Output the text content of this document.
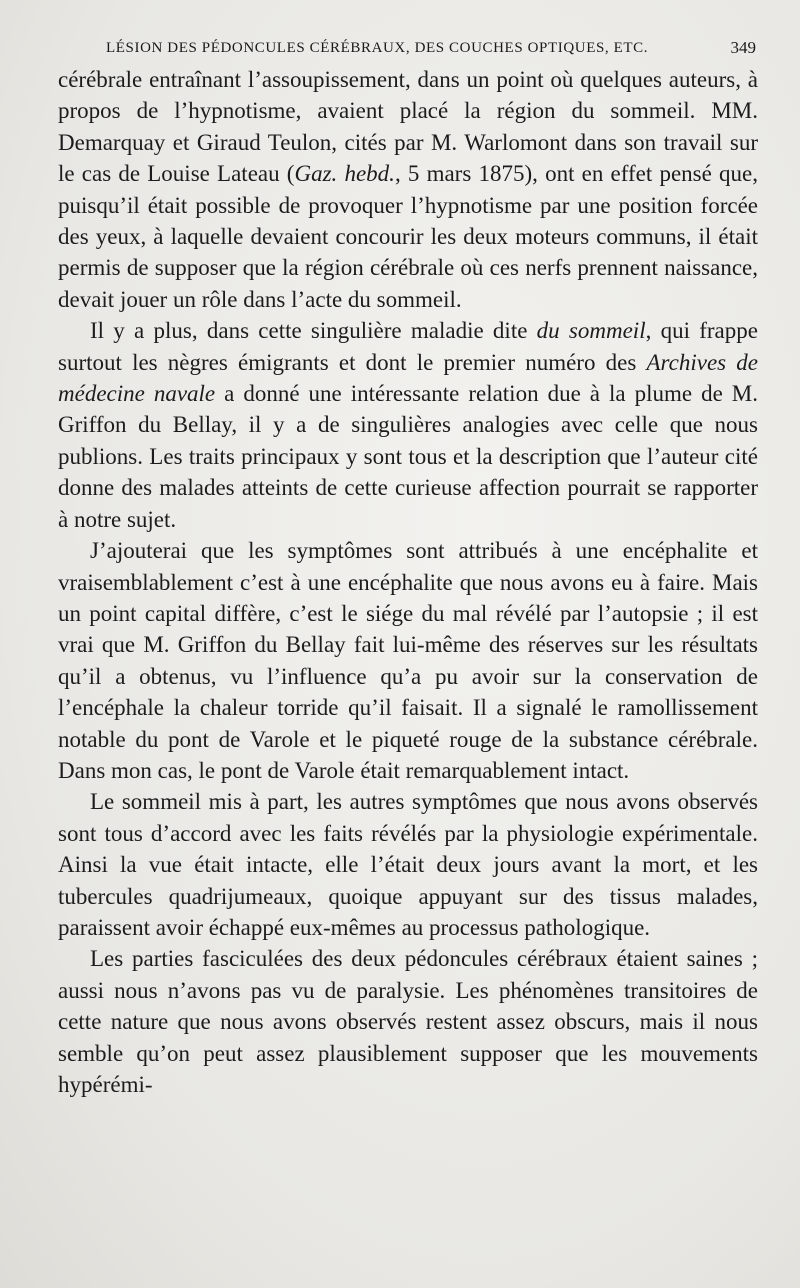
LÉSION DES PÉDONCULES CÉRÉBRAUX, DES COUCHES OPTIQUES, ETC.	349

cérébrale entraînant l’assoupissement, dans un point où quelques auteurs, à propos de l’hypnotisme, avaient placé la région du sommeil. MM. Demarquay et Giraud Teulon, cités par M. Warlomont dans son travail sur le cas de Louise Lateau (Gaz. hebd., 5 mars 1875), ont en effet pensé que, puisqu’il était possible de provoquer l’hypnotisme par une position forcée des yeux, à laquelle devaient concourir les deux moteurs communs, il était permis de supposer que la région cérébrale où ces nerfs prennent naissance, devait jouer un rôle dans l’acte du sommeil.

Il y a plus, dans cette singulière maladie dite du sommeil, qui frappe surtout les nègres émigrants et dont le premier numéro des Archives de médecine navale a donné une intéressante relation due à la plume de M. Griffon du Bellay, il y a de singulières analogies avec celle que nous publions. Les traits principaux y sont tous et la description que l’auteur cité donne des malades atteints de cette curieuse affection pourrait se rapporter à notre sujet.

J’ajouterai que les symptômes sont attribués à une encéphalite et vraisemblablement c’est à une encéphalite que nous avons eu à faire. Mais un point capital diffère, c’est le siége du mal révélé par l’autopsie ; il est vrai que M. Griffon du Bellay fait lui-même des réserves sur les résultats qu’il a obtenus, vu l’influence qu’a pu avoir sur la conservation de l’encéphale la chaleur torride qu’il faisait. Il a signalé le ramollissement notable du pont de Varole et le piqueté rouge de la substance cérébrale. Dans mon cas, le pont de Varole était remarquablement intact.

Le sommeil mis à part, les autres symptômes que nous avons observés sont tous d’accord avec les faits révélés par la physiologie expérimentale. Ainsi la vue était intacte, elle l’était deux jours avant la mort, et les tubercules quadrijumeaux, quoique appuyant sur des tissus malades, paraissent avoir échappé eux-mêmes au processus pathologique.

Les parties fasciculées des deux pédoncules cérébraux étaient saines ; aussi nous n’avons pas vu de paralysie. Les phénomènes transitoires de cette nature que nous avons observés restent assez obscurs, mais il nous semble qu’on peut assez plausiblement supposer que les mouvements hypérémi-
